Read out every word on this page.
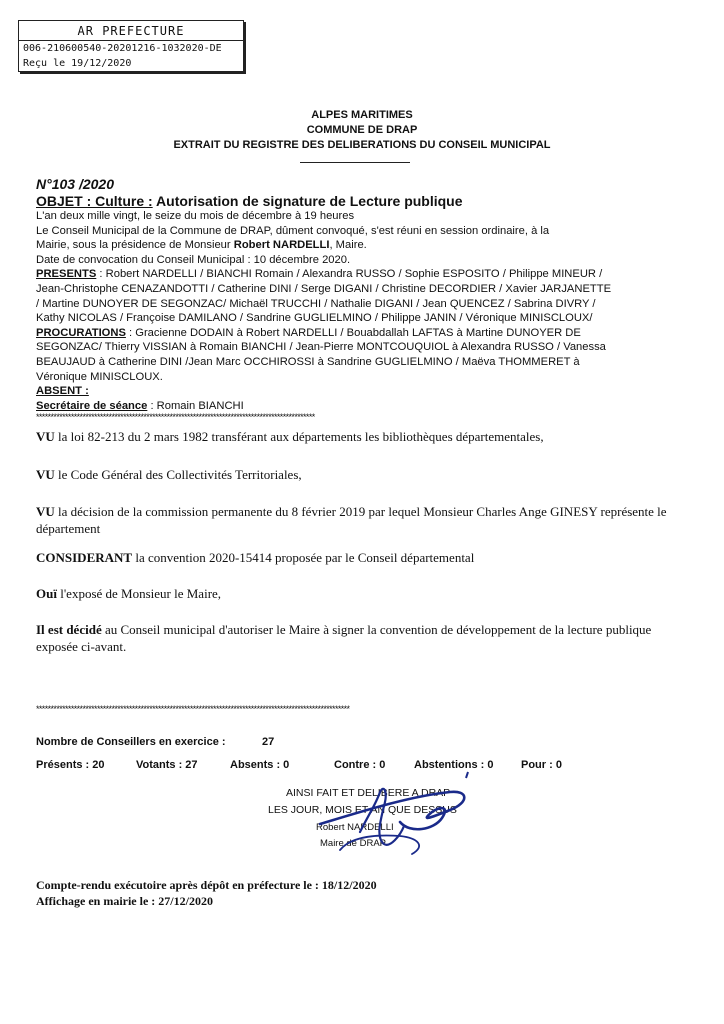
AR PREFECTURE
006-210600540-20201216-1032020-DE
Reçu le 19/12/2020
ALPES MARITIMES
COMMUNE DE DRAP
EXTRAIT DU REGISTRE DES DELIBERATIONS DU CONSEIL MUNICIPAL
N°103 /2020
OBJET : Culture : Autorisation de signature de Lecture publique
L'an deux mille vingt, le seize du mois de décembre à 19 heures
Le Conseil Municipal de la Commune de DRAP, dûment convoqué, s'est réuni en session ordinaire, à la
Mairie, sous la présidence de Monsieur Robert NARDELLI, Maire.
Date de convocation du Conseil Municipal : 10 décembre 2020.
PRESENTS : Robert NARDELLI / BIANCHI Romain / Alexandra RUSSO / Sophie ESPOSITO / Philippe MINEUR /
Jean-Christophe CENAZANDOTTI / Catherine DINI / Serge DIGANI / Christine DECORDIER / Xavier JARJANETTE
/ Martine DUNOYER DE SEGONZAC/ Michaël TRUCCHI / Nathalie DIGANI / Jean QUENCEZ / Sabrina DIVRY /
Kathy NICOLAS / Françoise DAMILANO / Sandrine GUGLIELMINO / Philippe JANIN / Véronique MINISCLOUX/
PROCURATIONS : Gracienne DODAIN à Robert NARDELLI / Bouabdallah LAFTAS à Martine DUNOYER DE
SEGONZAC/ Thierry VISSIAN à Romain BIANCHI / Jean-Pierre MONTCOUQUIOL à Alexandra RUSSO / Vanessa
BEAUJAUD à Catherine DINI /Jean Marc OCCHIROSSI à Sandrine GUGLIELMINO / Maëva THOMMERET à
Véronique MINISCLOUX.
ABSENT :
Secrétaire de séance : Romain BIANCHI
************************************************************************************************

VU la loi 82-213 du 2 mars 1982 transférant aux départements les bibliothèques départementales,

VU le Code Général des Collectivités Territoriales,

VU la décision de la commission permanente du 8 février 2019 par lequel Monsieur Charles Ange GINESY représente le département

CONSIDERANT la convention 2020-15414 proposée par le Conseil départemental

Ouï l'exposé de Monsieur le Maire,

Il est décidé au Conseil municipal d'autoriser le Maire à signer la convention de développement de la lecture publique exposée ci-avant.

************************************************************************************************************
Nombre de Conseillers en exercice :	27
Présents : 20	Votants : 27	Absents : 0	Contre : 0	Abstentions : 0	Pour : 0
AINSI FAIT ET DELIBERE A DRAP
LES JOUR, MOIS ET AN QUE DESSUS
Robert NARDELLI
Maire de DRAP
Compte-rendu exécutoire après dépôt en préfecture le : 18/12/2020
Affichage en mairie le : 27/12/2020
